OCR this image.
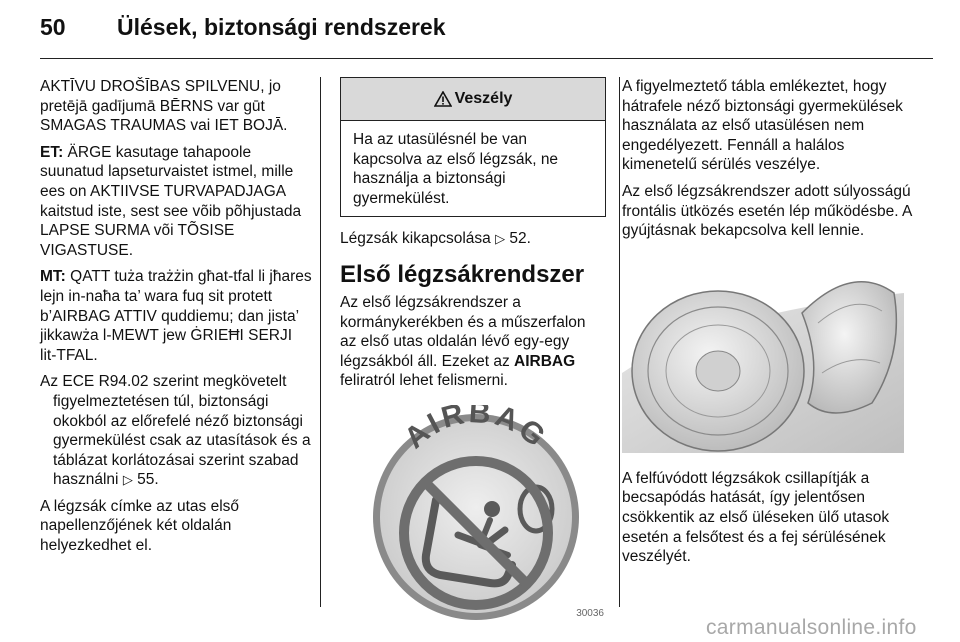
50 Ülések, biztonsági rendszerek

AKTĪVU DROŠĪBAS SPILVENU, jo pretējā gadījumā BĒRNS var gūt SMAGAS TRAUMAS vai IET BOJĀ.

ET: ÄRGE kasutage tahapoole suunatud lapseturvaistet istmel, mille ees on AKTIIVSE TURVAPADJAGA kaitstud iste, sest see võib põhjustada LAPSE SURMA või TÕSISE VIGASTUSE.

MT: QATT tuża trażżin għat-tfal li jħares lejn in-naħa ta’ wara fuq sit protett b’AIRBAG ATTIV quddiemu; dan jista’ jikkawża l-MEWT jew ĠRIEĦI SERJI lit-TFAL.

Az ECE R94.02 szerint megkövetelt figyelmeztetésen túl, biztonsági okokból az előrefelé néző biztonsági gyermekülést csak az utasítások és a táblázat korlátozásai szerint szabad használni ▷ 55.

A légzsák címke az utas első napellenzőjének két oldalán helyezkedhet el.

Veszély
Ha az utasülésnél be van kapcsolva az első légzsák, ne használja a biztonsági gyermekülést.

Légzsák kikapcsolása ▷ 52.

Első légzsákrendszer

Az első légzsákrendszer a kormánykerékben és a műszerfalon az első utas oldalán lévő egy-egy légzsákból áll. Ezeket az AIRBAG feliratról lehet felismerni.

AIRBAG
30036

A figyelmeztető tábla emlékeztet, hogy hátrafele néző biztonsági gyermekülések használata az első utasülésen nem engedélyezett. Fennáll a halálos kimenetelű sérülés veszélye.

Az első légzsákrendszer adott súlyosságú frontális ütközés esetén lép működésbe. A gyújtásnak bekapcsolva kell lennie.

A felfúvódott légzsákok csillapítják a becsapódás hatását, így jelentősen csökkentik az első üléseken ülő utasok esetén a felsőtest és a fej sérülésének veszélyét.

carmanualsonline.info
